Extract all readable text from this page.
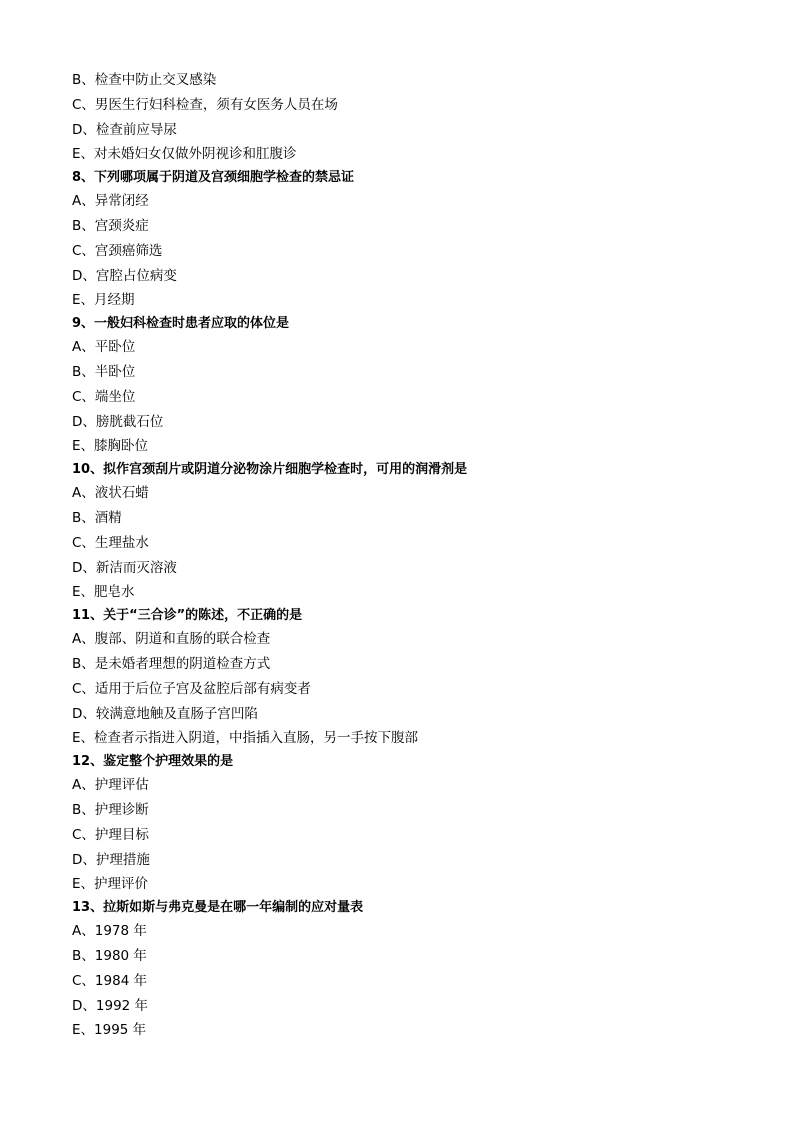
B、检查中防止交叉感染
C、男医生行妇科检查，须有女医务人员在场
D、检查前应导尿
E、对未婚妇女仅做外阴视诊和肛腹诊
8、下列哪项属于阴道及宫颈细胞学检查的禁忌证
A、异常闭经
B、宫颈炎症
C、宫颈癌筛选
D、宫腔占位病变
E、月经期
9、一般妇科检查时患者应取的体位是
A、平卧位
B、半卧位
C、端坐位
D、膀胱截石位
E、膝胸卧位
10、拟作宫颈刮片或阴道分泌物涂片细胞学检查时，可用的润滑剂是
A、液状石蜡
B、酒精
C、生理盐水
D、新洁而灭溶液
E、肥皂水
11、关于“三合诊”的陈述，不正确的是
A、腹部、阴道和直肠的联合检查
B、是未婚者理想的阴道检查方式
C、适用于后位子宫及盆腔后部有病变者
D、较满意地触及直肠子宫凹陷
E、检查者示指进入阴道，中指插入直肠，另一手按下腹部
12、鉴定整个护理效果的是
A、护理评估
B、护理诊断
C、护理目标
D、护理措施
E、护理评价
13、拉斯如斯与弗克曼是在哪一年编制的应对量表
A、1978 年
B、1980 年
C、1984 年
D、1992 年
E、1995 年
